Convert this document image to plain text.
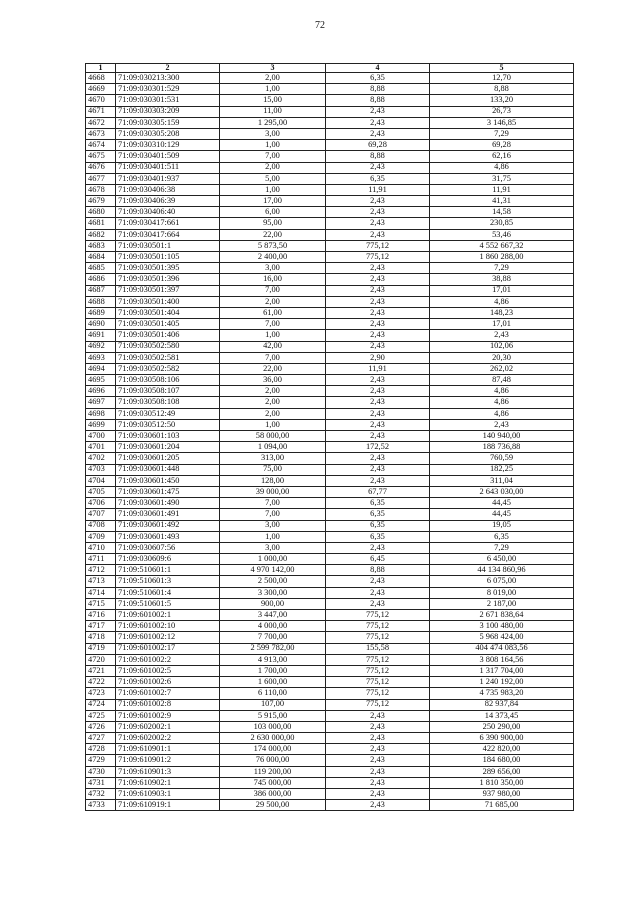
72
1	2	3	4	5
4668	71:09:030213:300	2,00	6,35	12,70
4669	71:09:030301:529	1,00	8,88	8,88
4670	71:09:030301:531	15,00	8,88	133,20
4671	71:09:030303:209	11,00	2,43	26,73
4672	71:09:030305:159	1 295,00	2,43	3 146,85
4673	71:09:030305:208	3,00	2,43	7,29
4674	71:09:030310:129	1,00	69,28	69,28
4675	71:09:030401:509	7,00	8,88	62,16
4676	71:09:030401:511	2,00	2,43	4,86
4677	71:09:030401:937	5,00	6,35	31,75
4678	71:09:030406:38	1,00	11,91	11,91
4679	71:09:030406:39	17,00	2,43	41,31
4680	71:09:030406:40	6,00	2,43	14,58
4681	71:09:030417:661	95,00	2,43	230,85
4682	71:09:030417:664	22,00	2,43	53,46
4683	71:09:030501:1	5 873,50	775,12	4 552 667,32
4684	71:09:030501:105	2 400,00	775,12	1 860 288,00
4685	71:09:030501:395	3,00	2,43	7,29
4686	71:09:030501:396	16,00	2,43	38,88
4687	71:09:030501:397	7,00	2,43	17,01
4688	71:09:030501:400	2,00	2,43	4,86
4689	71:09:030501:404	61,00	2,43	148,23
4690	71:09:030501:405	7,00	2,43	17,01
4691	71:09:030501:406	1,00	2,43	2,43
4692	71:09:030502:580	42,00	2,43	102,06
4693	71:09:030502:581	7,00	2,90	20,30
4694	71:09:030502:582	22,00	11,91	262,02
4695	71:09:030508:106	36,00	2,43	87,48
4696	71:09:030508:107	2,00	2,43	4,86
4697	71:09:030508:108	2,00	2,43	4,86
4698	71:09:030512:49	2,00	2,43	4,86
4699	71:09:030512:50	1,00	2,43	2,43
4700	71:09:030601:103	58 000,00	2,43	140 940,00
4701	71:09:030601:204	1 094,00	172,52	188 736,88
4702	71:09:030601:205	313,00	2,43	760,59
4703	71:09:030601:448	75,00	2,43	182,25
4704	71:09:030601:450	128,00	2,43	311,04
4705	71:09:030601:475	39 000,00	67,77	2 643 030,00
4706	71:09:030601:490	7,00	6,35	44,45
4707	71:09:030601:491	7,00	6,35	44,45
4708	71:09:030601:492	3,00	6,35	19,05
4709	71:09:030601:493	1,00	6,35	6,35
4710	71:09:030607:56	3,00	2,43	7,29
4711	71:09:030609:6	1 000,00	6,45	6 450,00
4712	71:09:510601:1	4 970 142,00	8,88	44 134 860,96
4713	71:09:510601:3	2 500,00	2,43	6 075,00
4714	71:09:510601:4	3 300,00	2,43	8 019,00
4715	71:09:510601:5	900,00	2,43	2 187,00
4716	71:09:601002:1	3 447,00	775,12	2 671 838,64
4717	71:09:601002:10	4 000,00	775,12	3 100 480,00
4718	71:09:601002:12	7 700,00	775,12	5 968 424,00
4719	71:09:601002:17	2 599 782,00	155,58	404 474 083,56
4720	71:09:601002:2	4 913,00	775,12	3 808 164,56
4721	71:09:601002:5	1 700,00	775,12	1 317 704,00
4722	71:09:601002:6	1 600,00	775,12	1 240 192,00
4723	71:09:601002:7	6 110,00	775,12	4 735 983,20
4724	71:09:601002:8	107,00	775,12	82 937,84
4725	71:09:601002:9	5 915,00	2,43	14 373,45
4726	71:09:602002:1	103 000,00	2,43	250 290,00
4727	71:09:602002:2	2 630 000,00	2,43	6 390 900,00
4728	71:09:610901:1	174 000,00	2,43	422 820,00
4729	71:09:610901:2	76 000,00	2,43	184 680,00
4730	71:09:610901:3	119 200,00	2,43	289 656,00
4731	71:09:610902:1	745 000,00	2,43	1 810 350,00
4732	71:09:610903:1	386 000,00	2,43	937 980,00
4733	71:09:610919:1	29 500,00	2,43	71 685,00
